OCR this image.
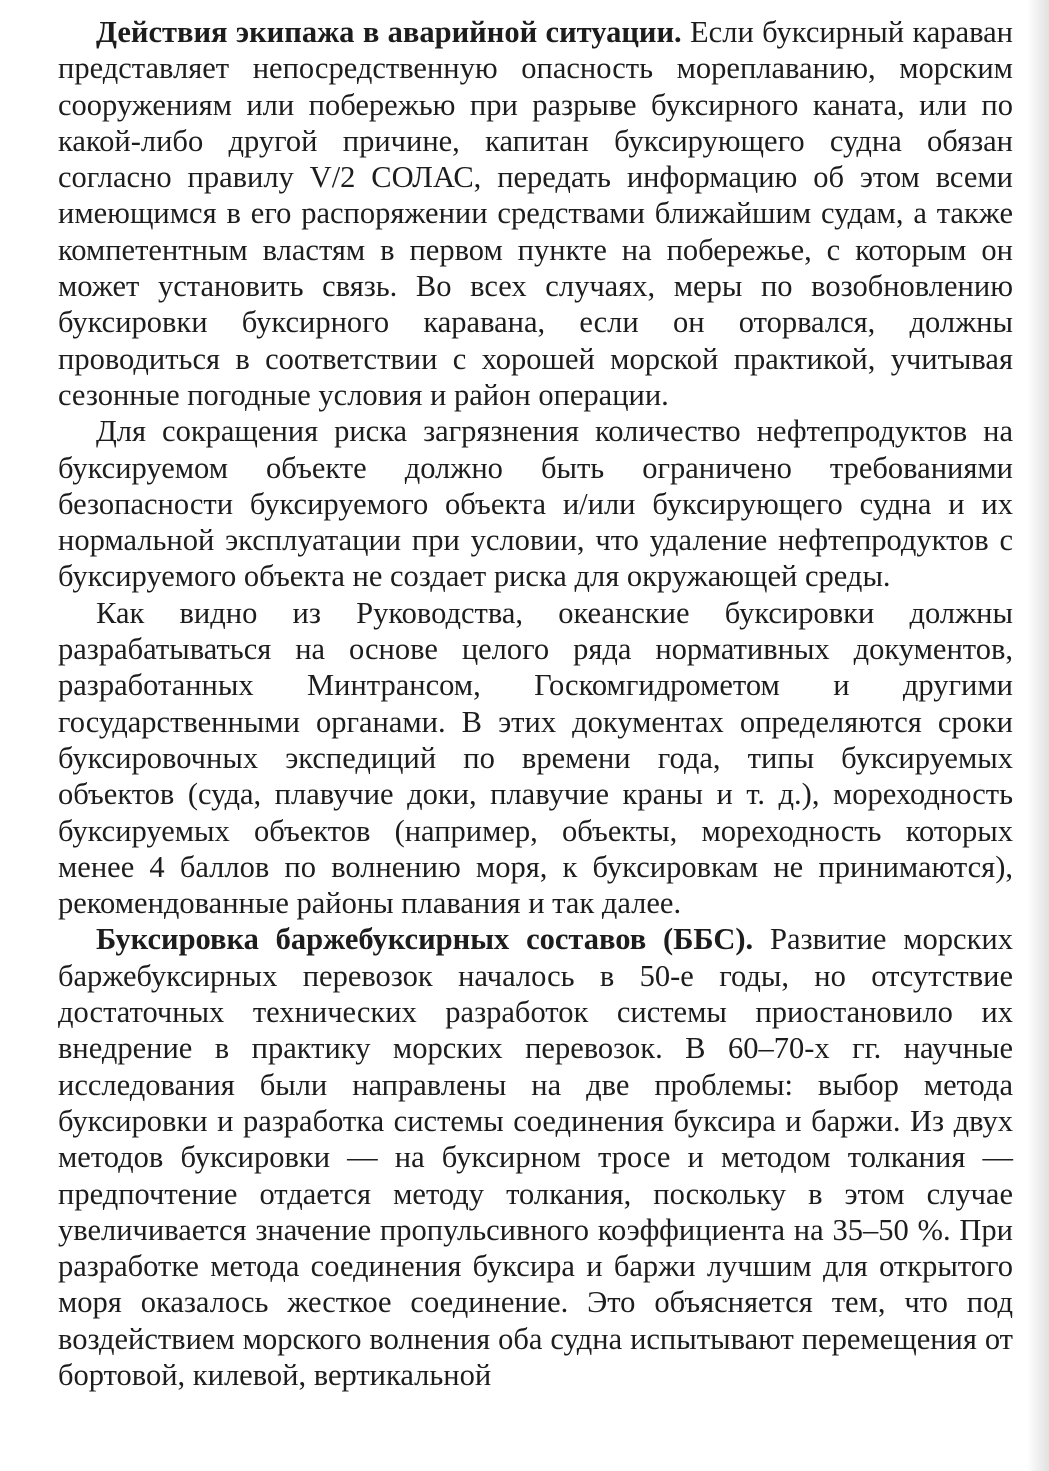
Действия экипажа в аварийной ситуации. Если буксирный караван представляет непосредственную опасность мореплаванию, морским сооружениям или побережью при разрыве буксирного каната, или по какой-либо другой причине, капитан буксирующего судна обязан согласно правилу V/2 СОЛАС, передать информацию об этом всеми имеющимся в его распоряжении средствами ближайшим судам, а также компетентным властям в первом пункте на побережье, с которым он может установить связь. Во всех случаях, меры по возобновлению буксировки буксирного каравана, если он оторвался, должны проводиться в соответствии с хорошей морской практикой, учитывая сезонные погодные условия и район операции.

Для сокращения риска загрязнения количество нефтепродуктов на буксируемом объекте должно быть ограничено требованиями безопасности буксируемого объекта и/или буксирующего судна и их нормальной эксплуатации при условии, что удаление нефтепродуктов с буксируемого объекта не создает риска для окружающей среды.

Как видно из Руководства, океанские буксировки должны разрабатываться на основе целого ряда нормативных документов, разработанных Минтрансом, Госкомгидрометом и другими государственными органами. В этих документах определяются сроки буксировочных экспедиций по времени года, типы буксируемых объектов (суда, плавучие доки, плавучие краны и т. д.), мореходность буксируемых объектов (например, объекты, мореходность которых менее 4 баллов по волнению моря, к буксировкам не принимаются), рекомендованные районы плавания и так далее.

Буксировка баржебуксирных составов (ББС). Развитие морских баржебуксирных перевозок началось в 50-е годы, но отсутствие достаточных технических разработок системы приостановило их внедрение в практику морских перевозок. В 60–70-х гг. научные исследования были направлены на две проблемы: выбор метода буксировки и разработка системы соединения буксира и баржи. Из двух методов буксировки — на буксирном тросе и методом толкания — предпочтение отдается методу толкания, поскольку в этом случае увеличивается значение пропульсивного коэффициента на 35–50 %. При разработке метода соединения буксира и баржи лучшим для открытого моря оказалось жесткое соединение. Это объясняется тем, что под воздействием морского волнения оба судна испытывают перемещения от бортовой, килевой, вертикальной
